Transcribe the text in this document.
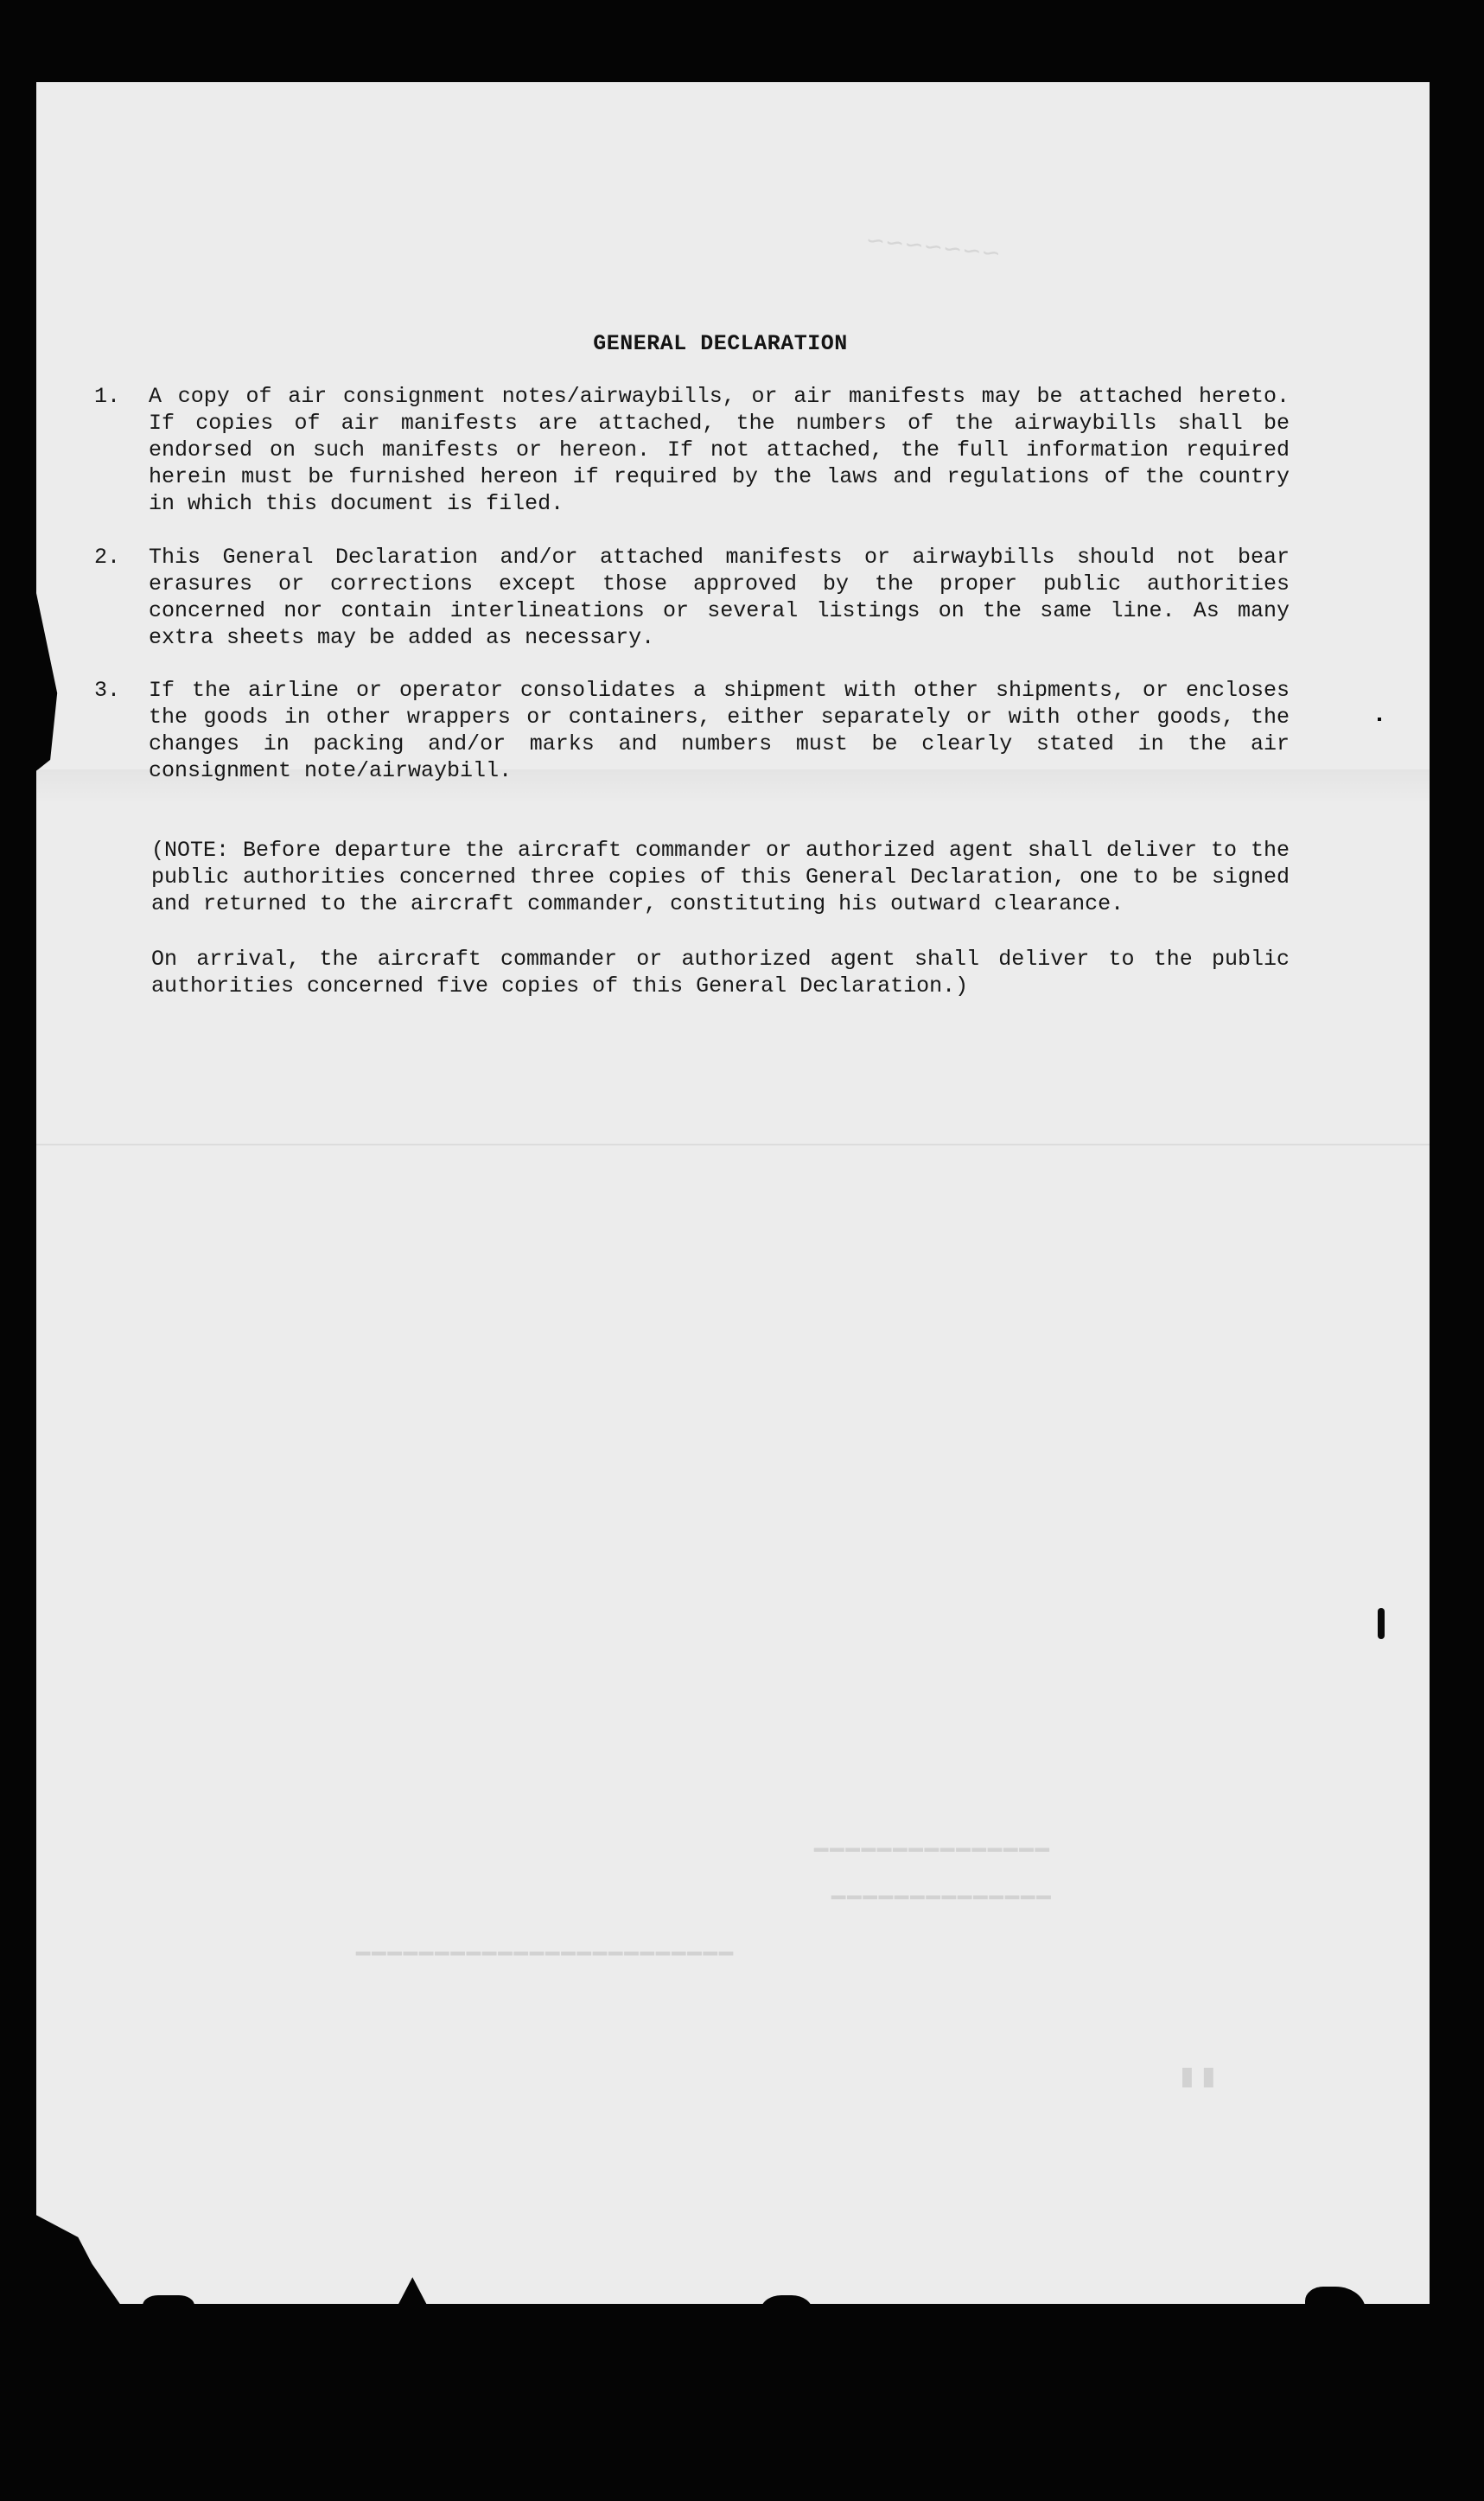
~~~~~~~
━━━━━━━━━━━━━━━
━━━━━━━━━━━━━━
━━━━━━━━━━━━━━━━━━━━━━━━
▮▮
GENERAL DECLARATION
1. A copy of air consignment notes/airwaybills, or air manifests may be attached hereto. If copies of air manifests are attached, the numbers of the airwaybills shall be endorsed on such manifests or hereon. If not attached, the full information required herein must be furnished hereon if required by the laws and regulations of the country in which this document is filed.
2. This General Declaration and/or attached manifests or airwaybills should not bear erasures or corrections except those approved by the proper public authorities concerned nor contain interlineations or several listings on the same line. As many extra sheets may be added as necessary.
3. If the airline or operator consolidates a shipment with other shipments, or encloses the goods in other wrappers or containers, either separately or with other goods, the changes in packing and/or marks and numbers must be clearly stated in the air consignment note/airwaybill.
(NOTE: Before departure the aircraft commander or authorized agent shall deliver to the public authorities concerned three copies of this General Declaration, one to be signed and returned to the aircraft commander, constituting his outward clearance.
On arrival, the aircraft commander or authorized agent shall deliver to the public authorities concerned five copies of this General Declaration.)
